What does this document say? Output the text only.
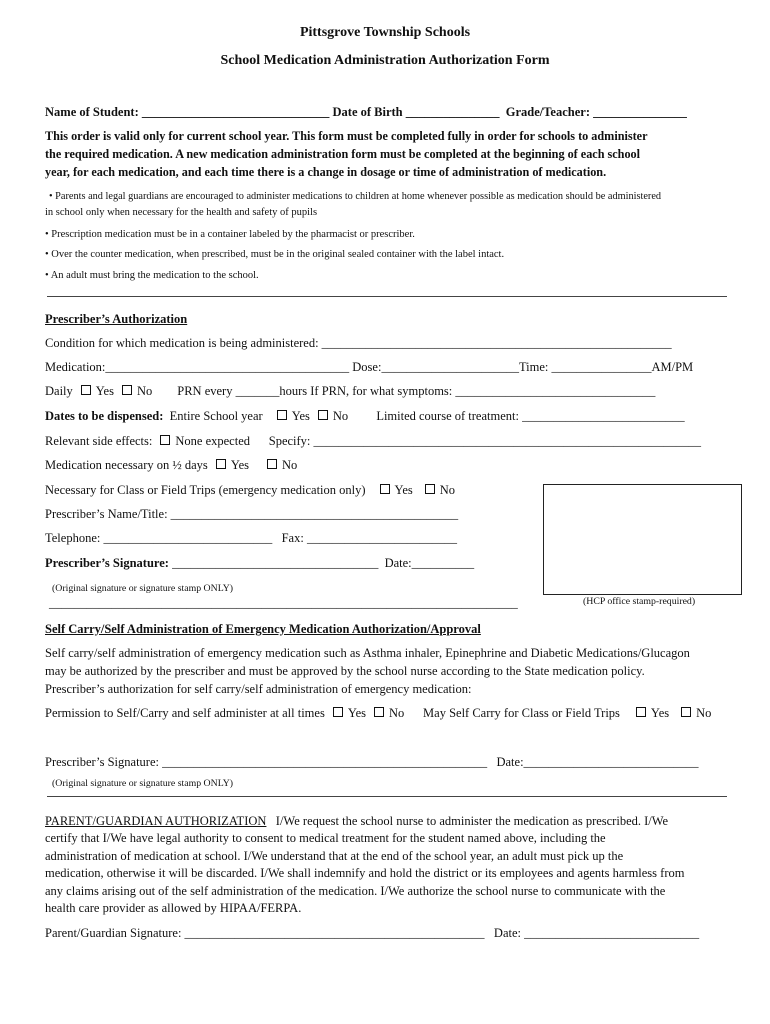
Pittsgrove Township Schools
School Medication Administration Authorization Form
Name of Student: ______________________________ Date of Birth _______________ Grade/Teacher: _______________
This order is valid only for current school year. This form must be completed fully in order for schools to administer
the required medication. A new medication administration form must be completed at the beginning of each school
year, for each medication, and each time there is a change in dosage or time of administration of medication.
• Parents and legal guardians are encouraged to administer medications to children at home whenever possible as medication should be administered
in school only when necessary for the health and safety of pupils
• Prescription medication must be in a container labeled by the pharmacist or prescriber.
• Over the counter medication, when prescribed, must be in the original sealed container with the label intact.
• An adult must bring the medication to the school.
Prescriber’s Authorization
Condition for which medication is being administered: ________________________________________________________
Medication:_______________________________________ Dose:______________________Time: ________________AM/PM
Daily Yes No PRN every _______hours If PRN, for what symptoms: ________________________________
Dates to be dispensed: Entire School year Yes No Limited course of treatment: __________________________
Relevant side effects: None expected Specify: ______________________________________________________________
Medication necessary on ½ days Yes	No
Necessary for Class or Field Trips (emergency medication only) Yes No
Prescriber’s Name/Title: ______________________________________________
Telephone: ___________________________ Fax: ________________________
Prescriber’s Signature: _________________________________ Date:__________
(Original signature or signature stamp ONLY)
___________________________________________________________________________	(HCP office stamp-required)
Self Carry/Self Administration of Emergency Medication Authorization/Approval
Self carry/self administration of emergency medication such as Asthma inhaler, Epinephrine and Diabetic Medications/Glucagon
may be authorized by the prescriber and must be approved by the school nurse according to the State medication policy.
Prescriber’s authorization for self carry/self administration of emergency medication:
Permission to Self/Carry and self administer at all times Yes No May Self Carry for Class or Field Trips Yes No
Prescriber’s Signature: ____________________________________________________ Date:____________________________
(Original signature or signature stamp ONLY)
PARENT/GUARDIAN AUTHORIZATION I/We request the school nurse to administer the medication as prescribed. I/We
certify that I/We have legal authority to consent to medical treatment for the student named above, including the
administration of medication at school. I/We understand that at the end of the school year, an adult must pick up the
medication, otherwise it will be discarded. I/We shall indemnify and hold the district or its employees and agents harmless from
any claims arising out of the self administration of the medication. I/We authorize the school nurse to communicate with the
health care provider as allowed by HIPAA/FERPA.
Parent/Guardian Signature: ________________________________________________ Date: ____________________________
